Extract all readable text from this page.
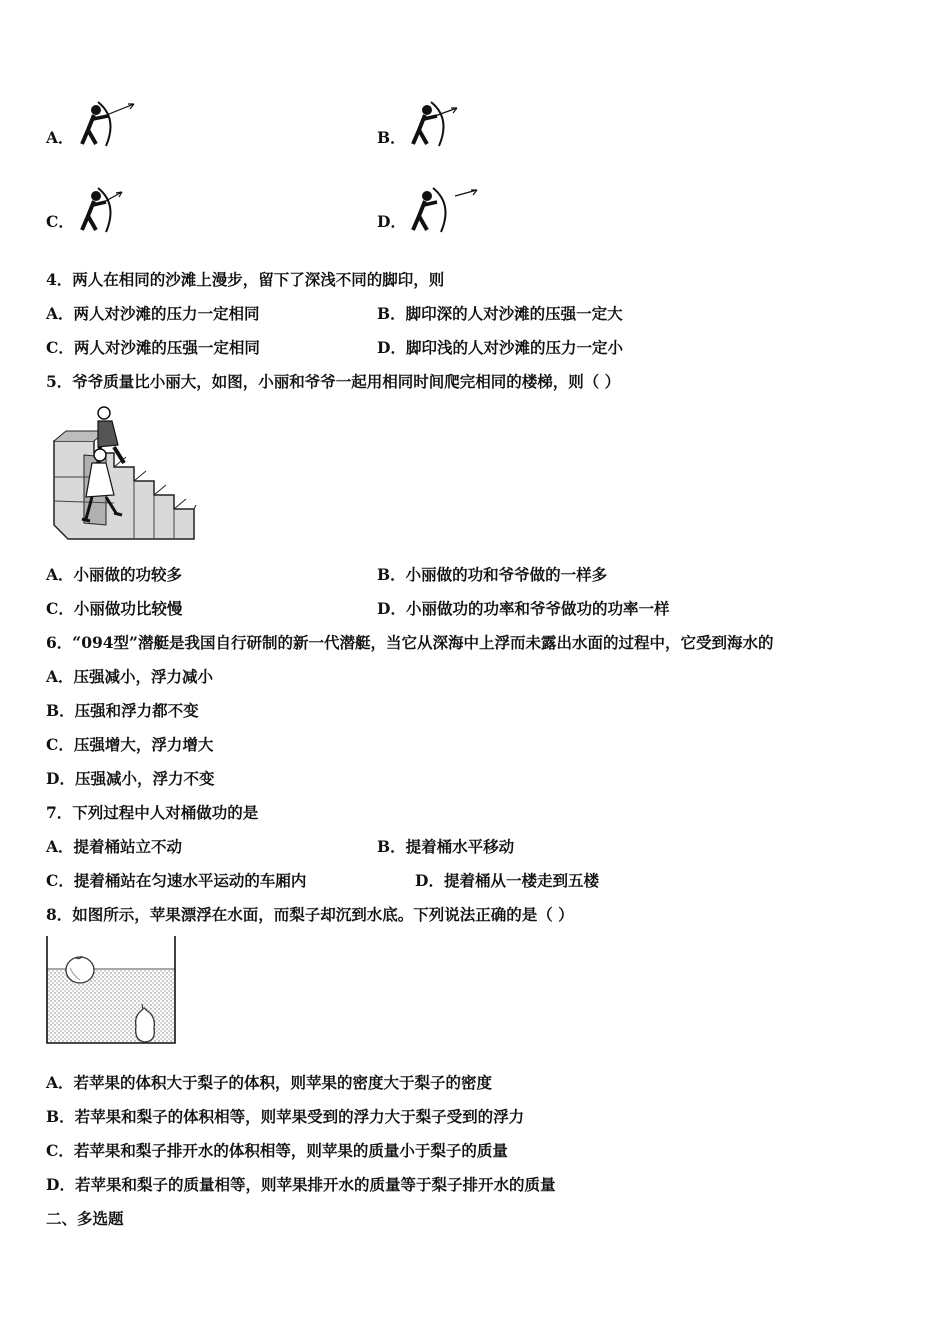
A．	B．
C．	D．
4．两人在相同的沙滩上漫步，留下了深浅不同的脚印，则
A．两人对沙滩的压力一定相同	B．脚印深的人对沙滩的压强一定大
C．两人对沙滩的压强一定相同	D．脚印浅的人对沙滩的压力一定小
5．爷爷质量比小丽大，如图，小丽和爷爷一起用相同时间爬完相同的楼梯，则（ ）
A．小丽做的功较多	B．小丽做的功和爷爷做的一样多
C．小丽做功比较慢	D．小丽做功的功率和爷爷做功的功率一样
6．“094型”潜艇是我国自行研制的新一代潜艇，当它从深海中上浮而未露出水面的过程中，它受到海水的
A．压强减小，浮力减小
B．压强和浮力都不变
C．压强增大，浮力增大
D．压强减小，浮力不变
7．下列过程中人对桶做功的是
A．提着桶站立不动	B．提着桶水平移动
C．提着桶站在匀速水平运动的车厢内	D．提着桶从一楼走到五楼
8．如图所示，苹果漂浮在水面，而梨子却沉到水底。下列说法正确的是（ ）
A．若苹果的体积大于梨子的体积，则苹果的密度大于梨子的密度
B．若苹果和梨子的体积相等，则苹果受到的浮力大于梨子受到的浮力
C．若苹果和梨子排开水的体积相等，则苹果的质量小于梨子的质量
D．若苹果和梨子的质量相等，则苹果排开水的质量等于梨子排开水的质量
二、多选题
